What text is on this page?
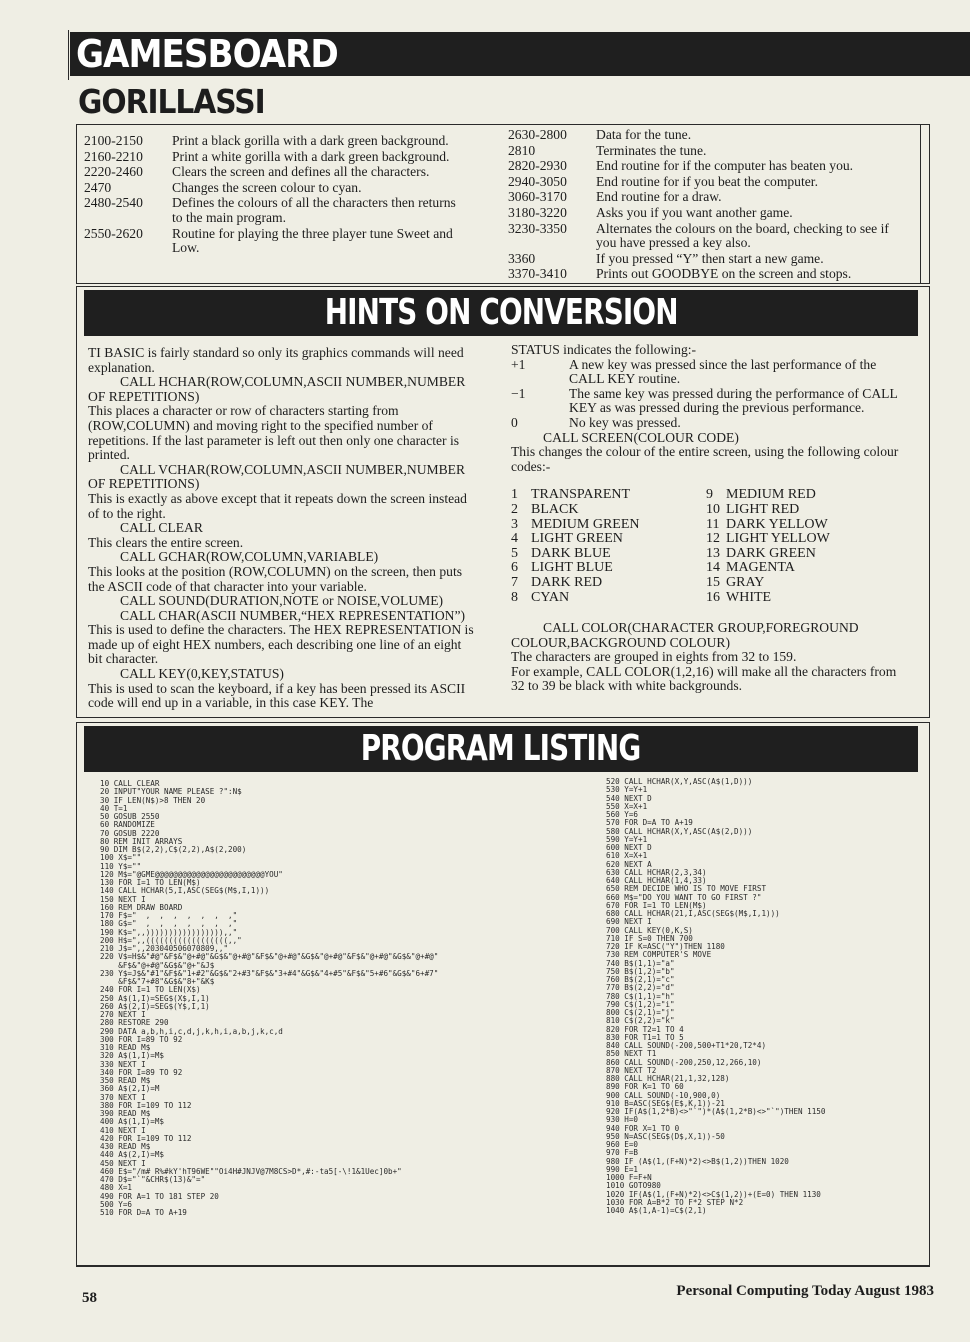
GAMESBOARD
GORILLASSI
2100-2150	Print a black gorilla with a dark green background.
2160-2210	Print a white gorilla with a dark green background.
2220-2460	Clears the screen and defines all the characters.
2470	Changes the screen colour to cyan.
2480-2540	Defines the colours of all the characters then returns to the main program.
2550-2620	Routine for playing the three player tune Sweet and Low.
2630-2800	Data for the tune.
2810	Terminates the tune.
2820-2930	End routine for if the computer has beaten you.
2940-3050	End routine for if you beat the computer.
3060-3170	End routine for a draw.
3180-3220	Asks you if you want another game.
3230-3350	Alternates the colours on the board, checking to see if you have pressed a key also.
3360	If you pressed “Y” then start a new game.
3370-3410	Prints out GOODBYE on the screen and stops.
HINTS ON CONVERSION

TI BASIC is fairly standard so only its graphics commands will need explanation.

CALL HCHAR(ROW,COLUMN,ASCII NUMBER,NUMBER OF REPETITIONS)

This places a character or row of characters starting from (ROW,COLUMN) and moving right to the specified number of repetitions. If the last parameter is left out then only one character is printed.

CALL VCHAR(ROW,COLUMN,ASCII NUMBER,NUMBER OF REPETITIONS)

This is exactly as above except that it repeats down the screen instead of to the right.

CALL CLEAR

This clears the entire screen.

CALL GCHAR(ROW,COLUMN,VARIABLE)

This looks at the position (ROW,COLUMN) on the screen, then puts the ASCII code of that character into your variable.

CALL SOUND(DURATION,NOTE or NOISE,VOLUME)

CALL CHAR(ASCII NUMBER,“HEX REPRESENTATION”)

This is used to define the characters. The HEX REPRESENTATION is made up of eight HEX numbers, each describing one line of an eight bit character.

CALL KEY(0,KEY,STATUS)

This is used to scan the keyboard, if a key has been pressed its ASCII code will end up in a variable, in this case KEY. The

STATUS indicates the following:-

+1	A new key was pressed since the last performance of the CALL KEY routine.
−1	The same key was pressed during the performance of CALL KEY as was pressed during the previous performance.
0	No key was pressed.

CALL SCREEN(COLOUR CODE)

This changes the colour of the entire screen, using the following colour codes:-

1 TRANSPARENT
2 BLACK
3 MEDIUM GREEN
4 LIGHT GREEN
5 DARK BLUE
6 LIGHT BLUE
7 DARK RED
8 CYAN
9 MEDIUM RED
10 LIGHT RED
11 DARK YELLOW
12 LIGHT YELLOW
13 DARK GREEN
14 MAGENTA
15 GRAY
16 WHITE

CALL COLOR(CHARACTER GROUP,FOREGROUND COLOUR,BACKGROUND COLOUR)

The characters are grouped in eights from 32 to 159.

For example, CALL COLOR(1,2,16) will make all the characters from 32 to 39 be black with white backgrounds.

PROGRAM LISTING
10 CALL CLEAR
20 INPUT"YOUR NAME PLEASE ?":N$
30 IF LEN(N$)>8 THEN 20
40 T=1
50 GOSUB 2550
60 RANDOMIZE
70 GOSUB 2220
80 REM INIT ARRAYS
90 DIM B$(2,2),C$(2,2),A$(2,200)
100 X$=""
110 Y$=""
120 M$="@GME@@@@@@@@@@@@@@@@@@@@@@@@YOU"
130 FOR I=1 TO LEN(M$)
140 CALL HCHAR(5,I,ASC(SEG$(M$,I,1)))
150 NEXT I
160 REM DRAW BOARD
170 F$="  ,  ,  ,  ,  ,  ,  ,"
180 G$="  ,  ,  ,  ,  ,  ,  ,"
190 K$=",,))))))))))))))))),,"
200 H$=",,((((((((((((((((((,,"
210 J$=",,203040506070809,,"
220 V$=H$&"#@"&F$&"@+#@"&G$&"@+#@"&F$&"@+#@"&G$&"@+#@"&F$&"@+#@"&G$&"@+#@"
&F$&"@+#@"&G$&"@+"&J$
230 Y$=J$&"#1"&F$&"1+#2"&G$&"2+#3"&F$&"3+#4"&G$&"4+#5"&F$&"5+#6"&G$&"6+#7"
&F$&"7+#8"&G$&"8+"&K$
240 FOR I=1 TO LEN(X$)
250 A$(1,I)=SEG$(X$,I,1)
260 A$(2,I)=SEG$(Y$,I,1)
270 NEXT I
280 RESTORE 290
290 DATA a,b,h,i,c,d,j,k,h,i,a,b,j,k,c,d
300 FOR I=89 TO 92
310 READ M$
320 A$(1,I)=M$
330 NEXT I
340 FOR I=89 TO 92
350 READ M$
360 A$(2,I)=M
370 NEXT I
380 FOR I=109 TO 112
390 READ M$
400 A$(1,I)=M$
410 NEXT I
420 FOR I=109 TO 112
430 READ M$
440 A$(2,I)=M$
450 NEXT I
460 E$="/m# R%#kY'hT96WE""Oi4H#JNJV@7M8CS>D*,#:-ta5[-\!1&1Uec]0b+"
470 D$="`"&CHR$(13)&"="
480 X=1
490 FOR A=1 TO 181 STEP 20
500 Y=6
510 FOR D=A TO A+19
520 CALL HCHAR(X,Y,ASC(A$(1,D)))
530 Y=Y+1
540 NEXT D
550 X=X+1
560 Y=6
570 FOR D=A TO A+19
580 CALL HCHAR(X,Y,ASC(A$(2,D)))
590 Y=Y+1
600 NEXT D
610 X=X+1
620 NEXT A
630 CALL HCHAR(2,3,34)
640 CALL HCHAR(1,4,33)
650 REM DECIDE WHO IS TO MOVE FIRST
660 M$="DO YOU WANT TO GO FIRST ?"
670 FOR I=1 TO LEN(M$)
680 CALL HCHAR(21,I,ASC(SEG$(M$,I,1)))
690 NEXT I
700 CALL KEY(0,K,S)
710 IF S=0 THEN 700
720 IF K=ASC("Y")THEN 1180
730 REM COMPUTER'S MOVE
740 B$(1,1)="a"
750 B$(1,2)="b"
760 B$(2,1)="c"
770 B$(2,2)="d"
780 C$(1,1)="h"
790 C$(1,2)="i"
800 C$(2,1)="j"
810 C$(2,2)="k"
820 FOR T2=1 TO 4
830 FOR T1=1 TO 5
840 CALL SOUND(-200,500+T1*20,T2*4)
850 NEXT T1
860 CALL SOUND(-200,250,12,266,10)
870 NEXT T2
880 CALL HCHAR(21,1,32,128)
890 FOR K=1 TO 60
900 CALL SOUND(-10,900,0)
910 B=ASC(SEG$(E$,K,1))-21
920 IF(A$(1,2*B)<>"`")*(A$(1,2*B)<>"`")THEN 1150
930 H=0
940 FOR X=1 TO 0
950 N=ASC(SEG$(D$,X,1))-50
960 E=0
970 F=B
980 IF (A$(1,(F+N)*2)<>B$(1,2))THEN 1020
990 E=1
1000 F=F+N
1010 GOTO980
1020 IF(A$(1,(F+N)*2)<>C$(1,2))+(E=0) THEN 1130
1030 FOR A=B*2 TO F*2 STEP N*2
1040 A$(1,A-1)=C$(2,1)
58	Personal Computing Today August 1983
